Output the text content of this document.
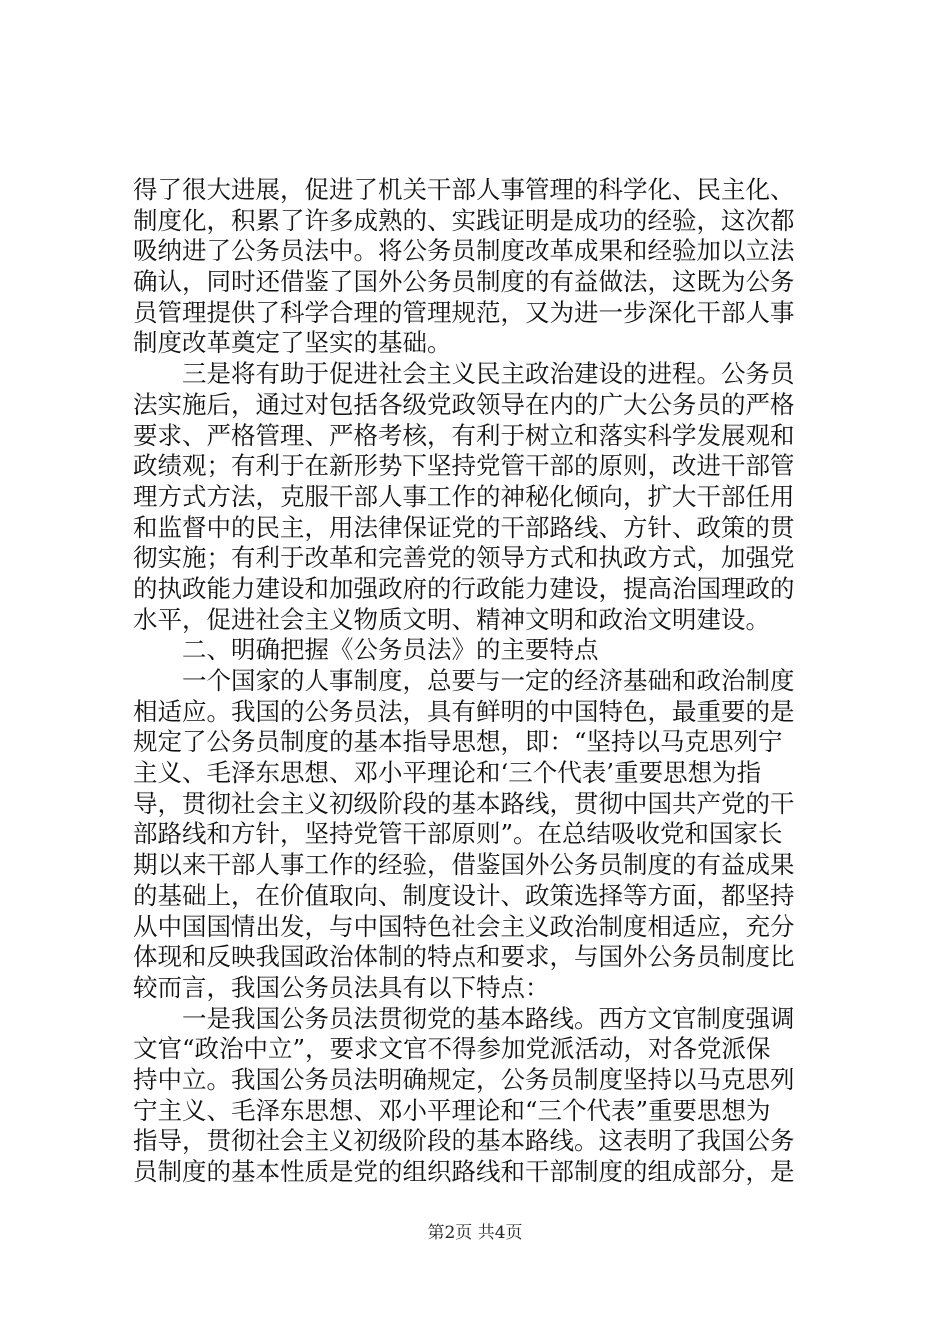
得了很大进展，促进了机关干部人事管理的科学化、民主化、
制度化，积累了许多成熟的、实践证明是成功的经验，这次都
吸纳进了公务员法中。将公务员制度改革成果和经验加以立法
确认，同时还借鉴了国外公务员制度的有益做法，这既为公务
员管理提供了科学合理的管理规范，又为进一步深化干部人事
制度改革奠定了坚实的基础。
三是将有助于促进社会主义民主政治建设的进程。公务员
法实施后，通过对包括各级党政领导在内的广大公务员的严格
要求、严格管理、严格考核，有利于树立和落实科学发展观和
政绩观；有利于在新形势下坚持党管干部的原则，改进干部管
理方式方法，克服干部人事工作的神秘化倾向，扩大干部任用
和监督中的民主，用法律保证党的干部路线、方针、政策的贯
彻实施；有利于改革和完善党的领导方式和执政方式，加强党
的执政能力建设和加强政府的行政能力建设，提高治国理政的
水平，促进社会主义物质文明、精神文明和政治文明建设。
二、明确把握《公务员法》的主要特点
一个国家的人事制度，总要与一定的经济基础和政治制度
相适应。我国的公务员法，具有鲜明的中国特色，最重要的是
规定了公务员制度的基本指导思想，即：“坚持以马克思列宁
主义、毛泽东思想、邓小平理论和‘三个代表’重要思想为指
导，贯彻社会主义初级阶段的基本路线，贯彻中国共产党的干
部路线和方针，坚持党管干部原则”。在总结吸收党和国家长
期以来干部人事工作的经验，借鉴国外公务员制度的有益成果
的基础上，在价值取向、制度设计、政策选择等方面，都坚持
从中国国情出发，与中国特色社会主义政治制度相适应，充分
体现和反映我国政治体制的特点和要求，与国外公务员制度比
较而言，我国公务员法具有以下特点：
一是我国公务员法贯彻党的基本路线。西方文官制度强调
文官“政治中立”，要求文官不得参加党派活动，对各党派保
持中立。我国公务员法明确规定，公务员制度坚持以马克思列
宁主义、毛泽东思想、邓小平理论和“三个代表”重要思想为
指导，贯彻社会主义初级阶段的基本路线。这表明了我国公务
员制度的基本性质是党的组织路线和干部制度的组成部分，是
第2页 共4页
